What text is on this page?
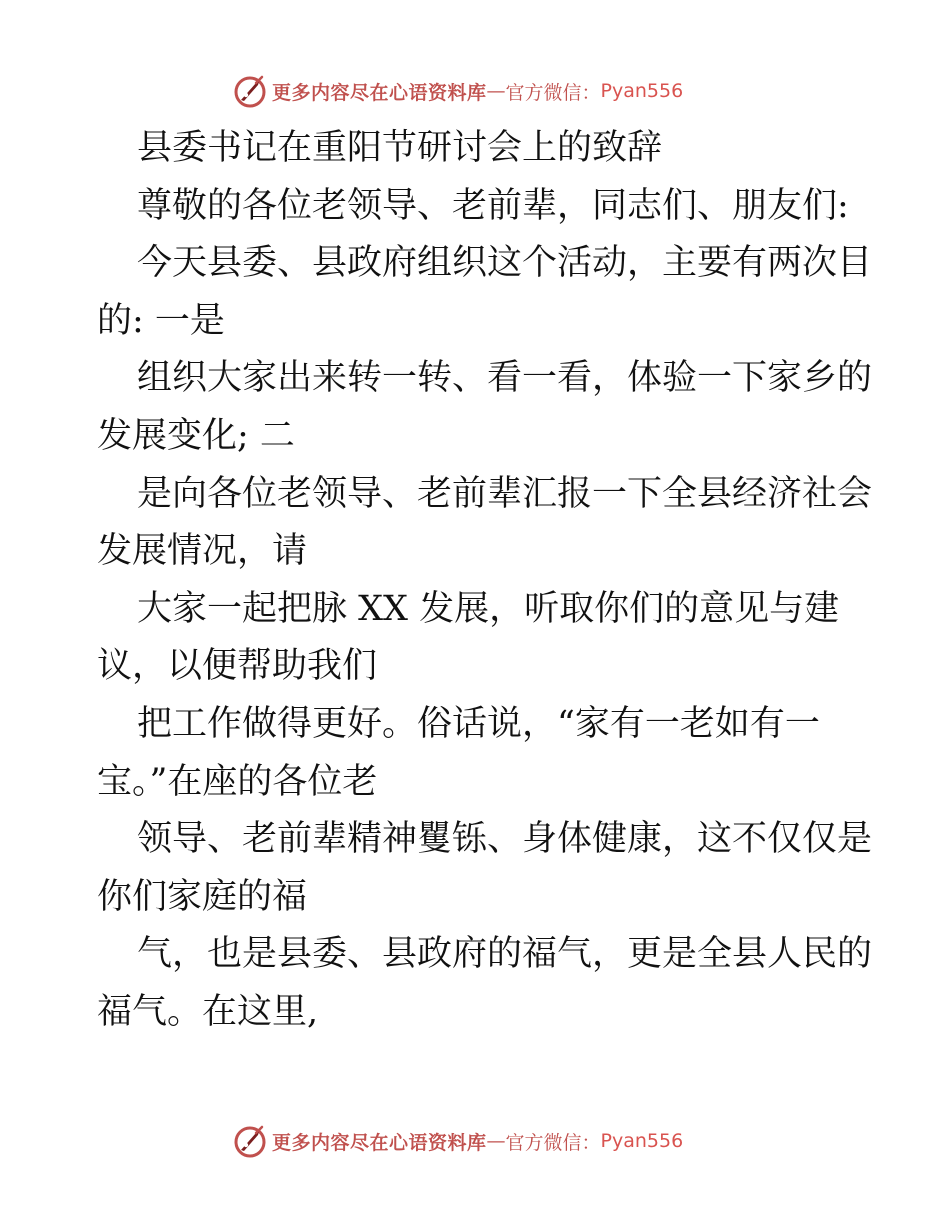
更多内容尽在心语资料库 — 官方微信： Pyan556
县委书记在重阳节研讨会上的致辞
尊敬的各位老领导、老前辈，同志们、朋友们:
今天县委、县政府组织这个活动，主要有两次目
的: 一是
组织大家出来转一转、看一看，体验一下家乡的
发展变化; 二
是向各位老领导、老前辈汇报一下全县经济社会
发展情况，请
大家一起把脉 XX 发展，听取你们的意见与建
议，以便帮助我们
把工作做得更好。俗话说，“家有一老如有一
宝。”在座的各位老
领导、老前辈精神矍铄、身体健康，这不仅仅是
你们家庭的福
气，也是县委、县政府的福气，更是全县人民的
福气。在这里,
更多内容尽在心语资料库 — 官方微信： Pyan556
